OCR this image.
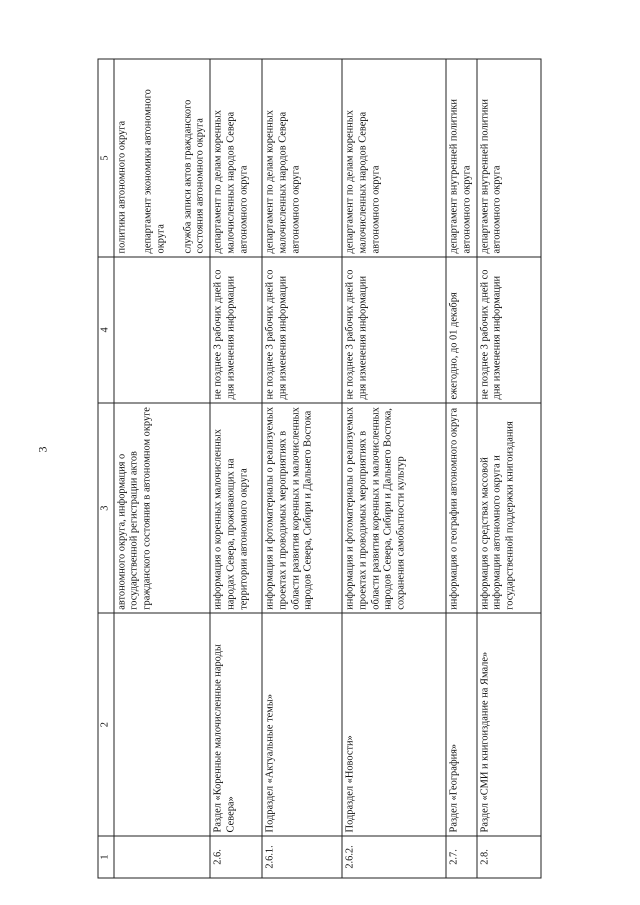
3
1	2	3	4	5
		автономного округа, информация о государственной регистрации актов гражданского состояния в автономном округе		политики автономного округа департамент экономики автономного округа служба записи актов гражданского состояния автономного округа
2.6.	Раздел «Коренные малочисленные народы Севера»	информация о коренных малочисленных народах Севера, проживающих на территории автономного округа	не позднее 3 рабочих дней со дня изменения информации	департамент по делам коренных малочисленных народов Севера автономного округа
2.6.1.	Подраздел «Актуальные темы»	информация и фотоматериалы о реализуемых проектах и проводимых мероприятиях в области развития коренных и малочисленных народов Севера, Сибири и Дальнего Востока	не позднее 3 рабочих дней со дня изменения информации	департамент по делам коренных малочисленных народов Севера автономного округа
2.6.2.	Подраздел «Новости»	информация и фотоматериалы о реализуемых проектах и проводимых мероприятиях в области развития коренных и малочисленных народов Севера, Сибири и Дальнего Востока, сохранения самобытности культур	не позднее 3 рабочих дней со дня изменения информации	департамент по делам коренных малочисленных народов Севера автономного округа
2.7.	Раздел «География»	информация о географии автономного округа	ежегодно, до 01 декабря	департамент внутренней политики автономного округа
2.8.	Раздел «СМИ и книгоиздание на Ямале»	информация о средствах массовой информации автономного округа и государственной поддержки книгоиздания	не позднее 3 рабочих дней со дня изменения информации	департамент внутренней политики автономного округа
